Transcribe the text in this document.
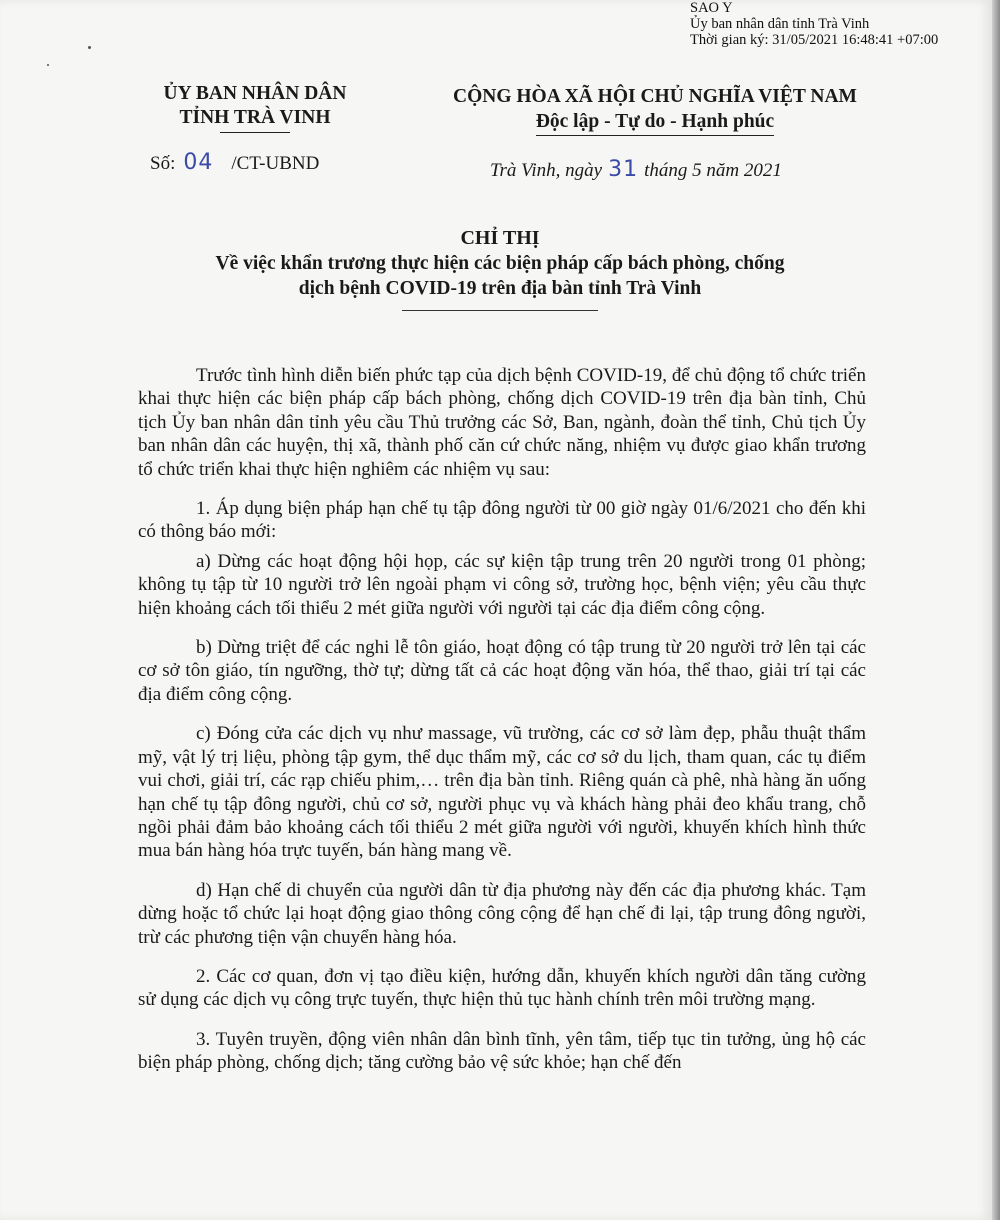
SAO Y
Ủy ban nhân dân tỉnh Trà Vinh
Thời gian ký: 31/05/2021 16:48:41 +07:00
ỦY BAN NHÂN DÂN
TỈNH TRÀ VINH
CỘNG HÒA XÃ HỘI CHỦ NGHĨA VIỆT NAM
Độc lập - Tự do - Hạnh phúc
Số: 04 /CT-UBND	Trà Vinh, ngày 31 tháng 5 năm 2021
CHỈ THỊ
Về việc khẩn trương thực hiện các biện pháp cấp bách phòng, chống
dịch bệnh COVID-19 trên địa bàn tỉnh Trà Vinh

Trước tình hình diễn biến phức tạp của dịch bệnh COVID-19, để chủ động tổ chức triển khai thực hiện các biện pháp cấp bách phòng, chống dịch COVID-19 trên địa bàn tỉnh, Chủ tịch Ủy ban nhân dân tỉnh yêu cầu Thủ trưởng các Sở, Ban, ngành, đoàn thể tỉnh, Chủ tịch Ủy ban nhân dân các huyện, thị xã, thành phố căn cứ chức năng, nhiệm vụ được giao khẩn trương tổ chức triển khai thực hiện nghiêm các nhiệm vụ sau:

1. Áp dụng biện pháp hạn chế tụ tập đông người từ 00 giờ ngày 01/6/2021 cho đến khi có thông báo mới:

a) Dừng các hoạt động hội họp, các sự kiện tập trung trên 20 người trong 01 phòng; không tụ tập từ 10 người trở lên ngoài phạm vi công sở, trường học, bệnh viện; yêu cầu thực hiện khoảng cách tối thiểu 2 mét giữa người với người tại các địa điểm công cộng.

b) Dừng triệt để các nghi lễ tôn giáo, hoạt động có tập trung từ 20 người trở lên tại các cơ sở tôn giáo, tín ngưỡng, thờ tự; dừng tất cả các hoạt động văn hóa, thể thao, giải trí tại các địa điểm công cộng.

c) Đóng cửa các dịch vụ như massage, vũ trường, các cơ sở làm đẹp, phẫu thuật thẩm mỹ, vật lý trị liệu, phòng tập gym, thể dục thẩm mỹ, các cơ sở du lịch, tham quan, các tụ điểm vui chơi, giải trí, các rạp chiếu phim,… trên địa bàn tỉnh. Riêng quán cà phê, nhà hàng ăn uống hạn chế tụ tập đông người, chủ cơ sở, người phục vụ và khách hàng phải đeo khẩu trang, chỗ ngồi phải đảm bảo khoảng cách tối thiểu 2 mét giữa người với người, khuyến khích hình thức mua bán hàng hóa trực tuyến, bán hàng mang về.

d) Hạn chế di chuyển của người dân từ địa phương này đến các địa phương khác. Tạm dừng hoặc tổ chức lại hoạt động giao thông công cộng để hạn chế đi lại, tập trung đông người, trừ các phương tiện vận chuyển hàng hóa.

2. Các cơ quan, đơn vị tạo điều kiện, hướng dẫn, khuyến khích người dân tăng cường sử dụng các dịch vụ công trực tuyến, thực hiện thủ tục hành chính trên môi trường mạng.

3. Tuyên truyền, động viên nhân dân bình tĩnh, yên tâm, tiếp tục tin tưởng, ủng hộ các biện pháp phòng, chống dịch; tăng cường bảo vệ sức khỏe; hạn chế đến
